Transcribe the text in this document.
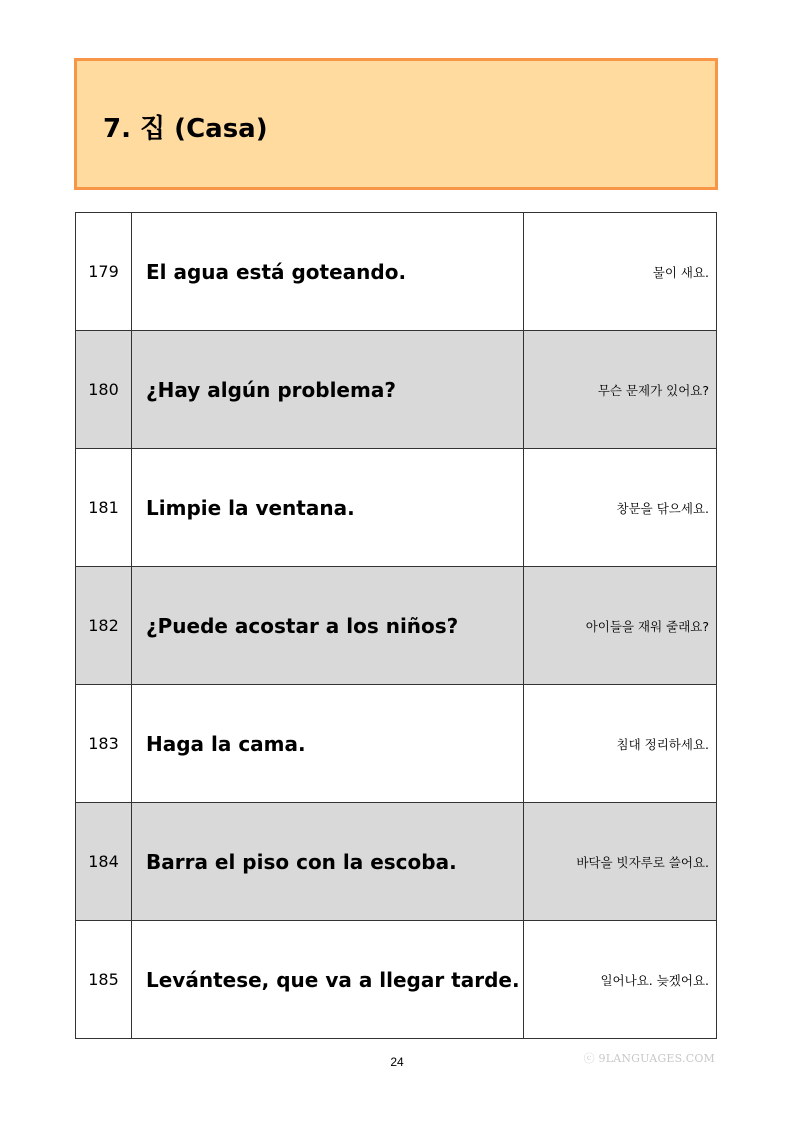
7. 집 (Casa)
179	El agua está goteando.	물이 새요.
180	¿Hay algún problema?	무슨 문제가 있어요?
181	Limpie la ventana.	창문을 닦으세요.
182	¿Puede acostar a los niños?	아이들을 재워 줄래요?
183	Haga la cama.	침대 정리하세요.
184	Barra el piso con la escoba.	바닥을 빗자루로 쓸어요.
185	Levántese, que va a llegar tarde.	일어나요. 늦겠어요.
ⓒ 9LANGUAGES.COM
24
